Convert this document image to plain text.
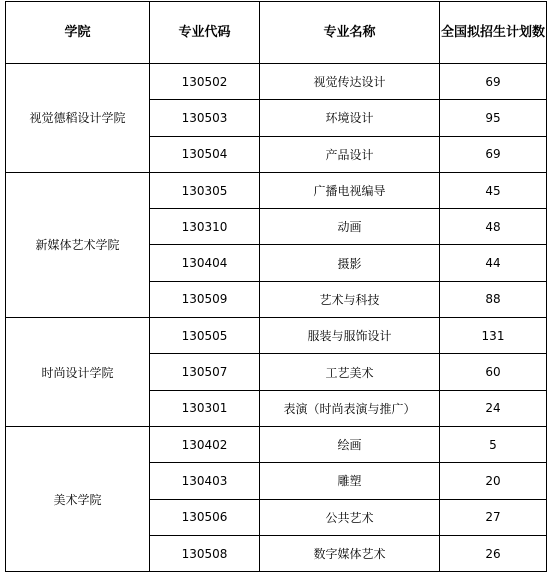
学院	专业代码	专业名称	全国拟招生计划数
视觉德稻设计学院	130502	视觉传达设计	69
	130503	环境设计	95
	130504	产品设计	69
新媒体艺术学院	130305	广播电视编导	45
	130310	动画	48
	130404	摄影	44
	130509	艺术与科技	88
时尚设计学院	130505	服装与服饰设计	131
	130507	工艺美术	60
	130301	表演（时尚表演与推广）	24
美术学院	130402	绘画	5
	130403	雕塑	20
	130506	公共艺术	27
	130508	数字媒体艺术	26
